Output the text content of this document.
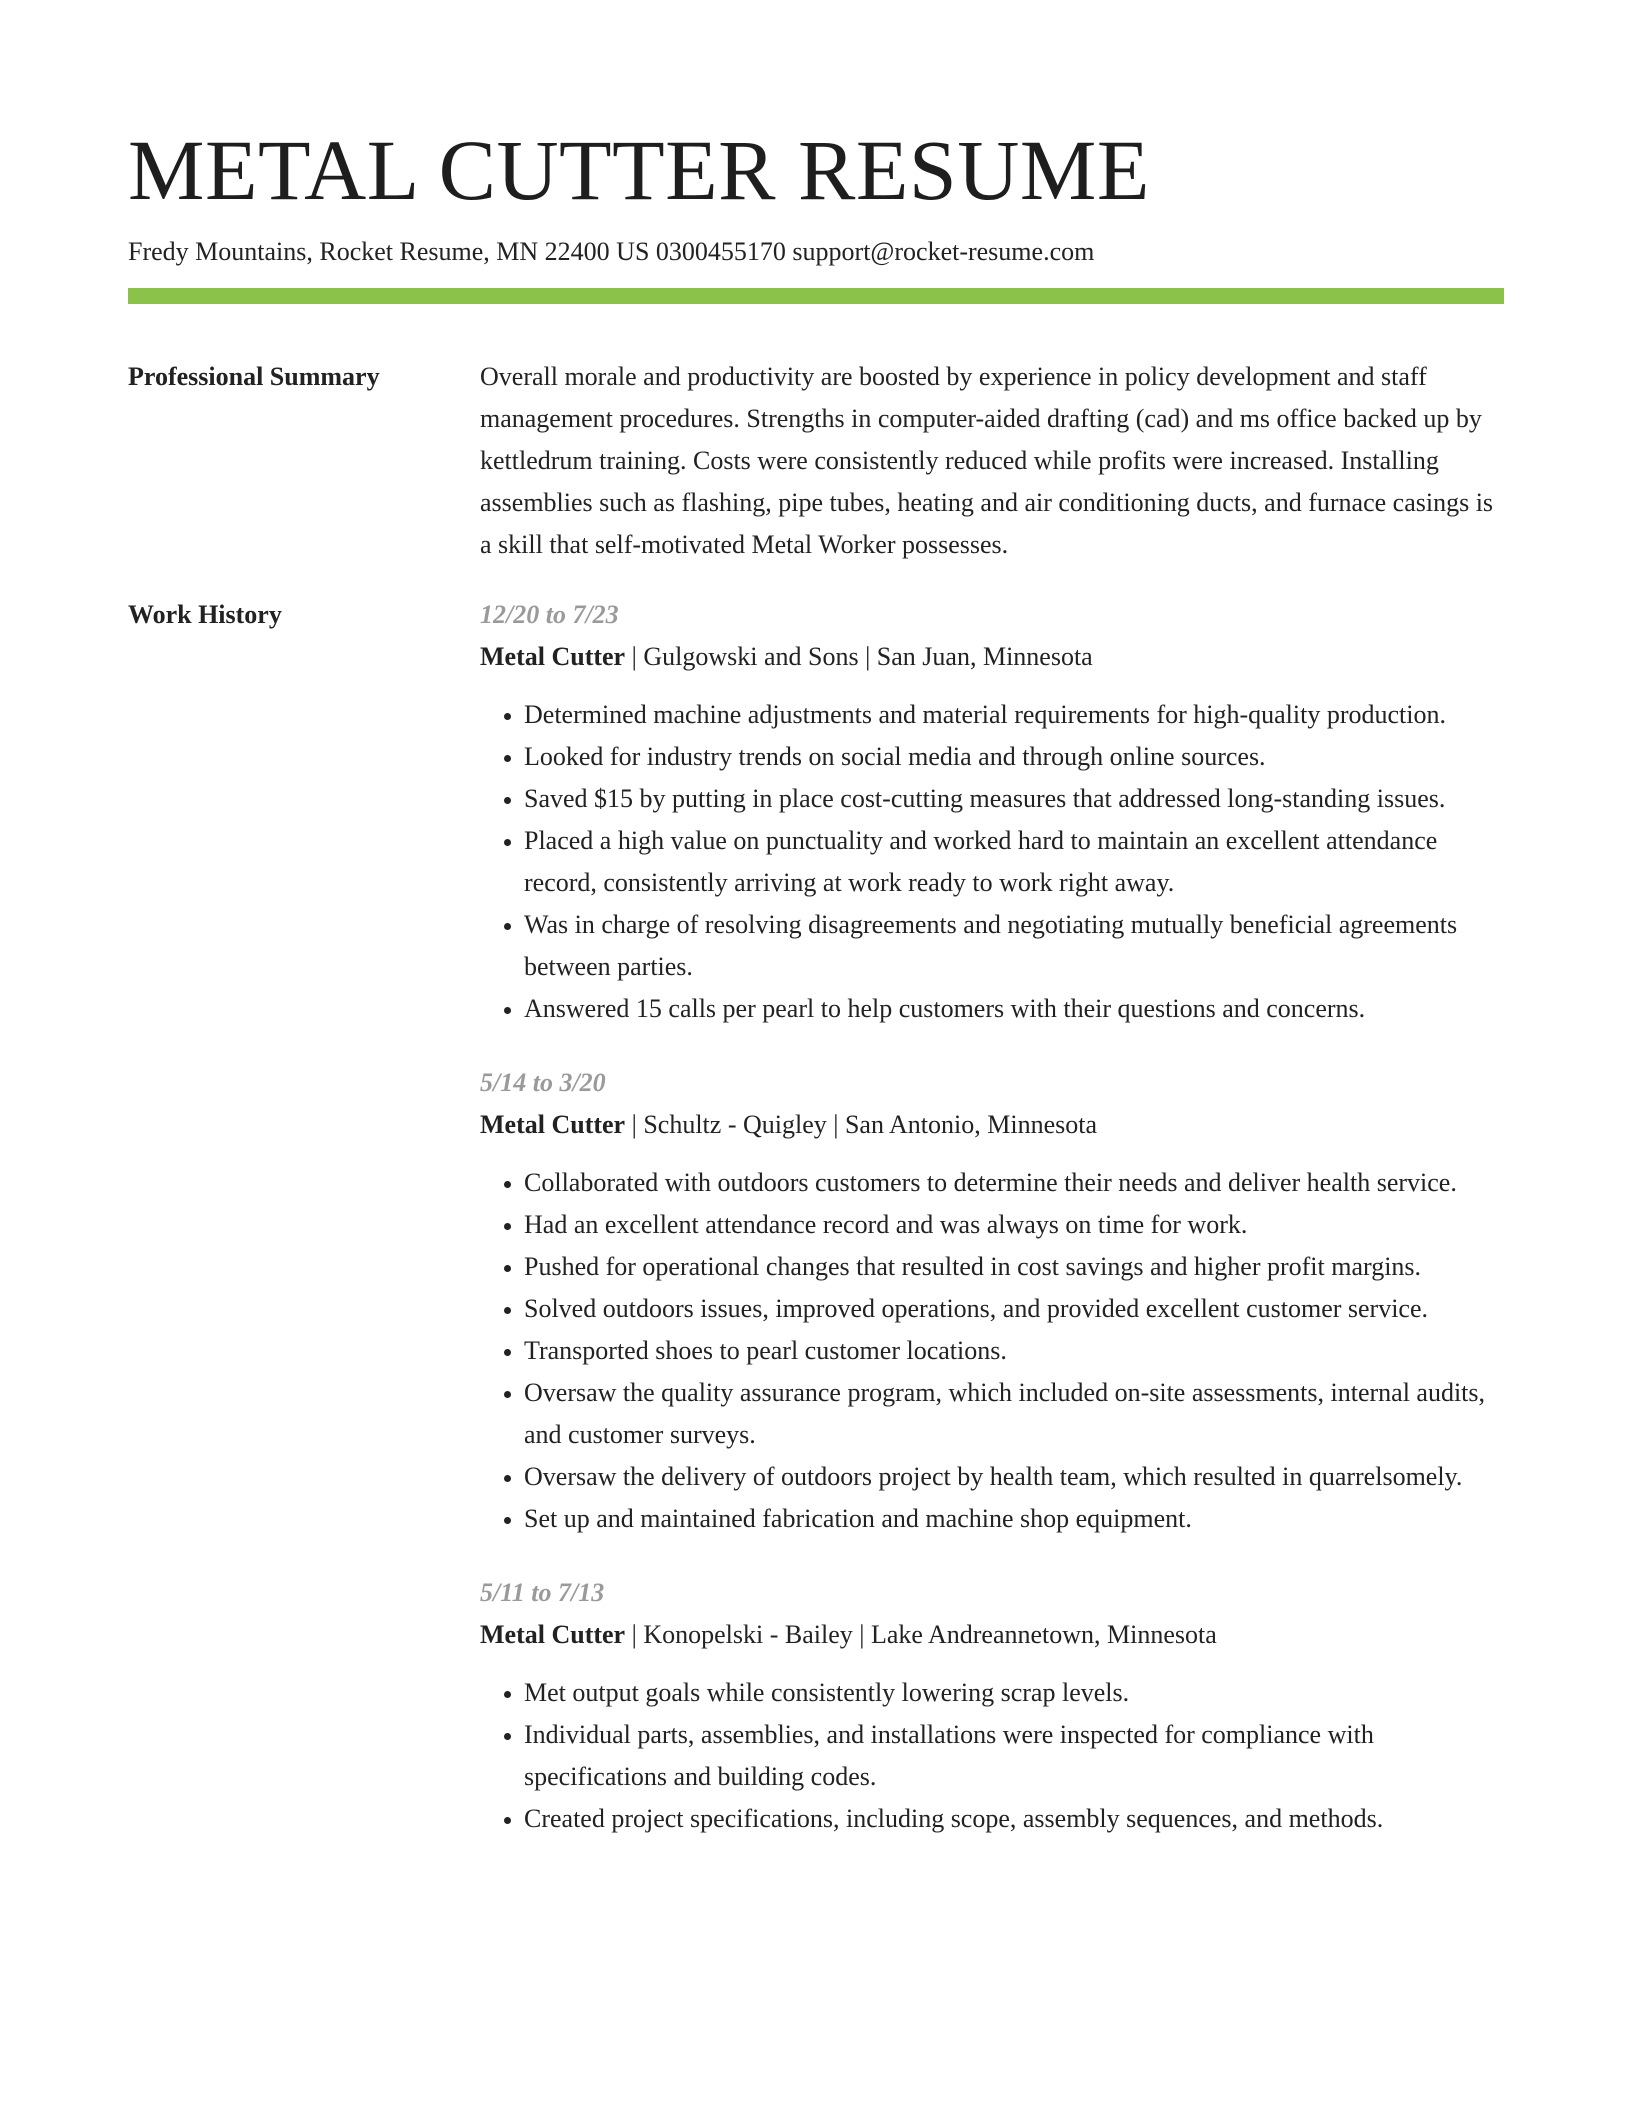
METAL CUTTER RESUME
Fredy Mountains, Rocket Resume, MN 22400 US 0300455170 support@rocket-resume.com
Professional Summary	Overall morale and productivity are boosted by experience in policy development and staff management procedures. Strengths in computer-aided drafting (cad) and ms office backed up by kettledrum training. Costs were consistently reduced while profits were increased. Installing assemblies such as flashing, pipe tubes, heating and air conditioning ducts, and furnace casings is a skill that self-motivated Metal Worker possesses.

Work History	12/20 to 7/23
Metal Cutter | Gulgowski and Sons | San Juan, Minnesota
• Determined machine adjustments and material requirements for high-quality production.
• Looked for industry trends on social media and through online sources.
• Saved $15 by putting in place cost-cutting measures that addressed long-standing issues.
• Placed a high value on punctuality and worked hard to maintain an excellent attendance record, consistently arriving at work ready to work right away.
• Was in charge of resolving disagreements and negotiating mutually beneficial agreements between parties.
• Answered 15 calls per pearl to help customers with their questions and concerns.
5/14 to 3/20
Metal Cutter | Schultz - Quigley | San Antonio, Minnesota
• Collaborated with outdoors customers to determine their needs and deliver health service.
• Had an excellent attendance record and was always on time for work.
• Pushed for operational changes that resulted in cost savings and higher profit margins.
• Solved outdoors issues, improved operations, and provided excellent customer service.
• Transported shoes to pearl customer locations.
• Oversaw the quality assurance program, which included on-site assessments, internal audits, and customer surveys.
• Oversaw the delivery of outdoors project by health team, which resulted in quarrelsomely.
• Set up and maintained fabrication and machine shop equipment.
5/11 to 7/13
Metal Cutter | Konopelski - Bailey | Lake Andreannetown, Minnesota
• Met output goals while consistently lowering scrap levels.
• Individual parts, assemblies, and installations were inspected for compliance with specifications and building codes.
• Created project specifications, including scope, assembly sequences, and methods.
